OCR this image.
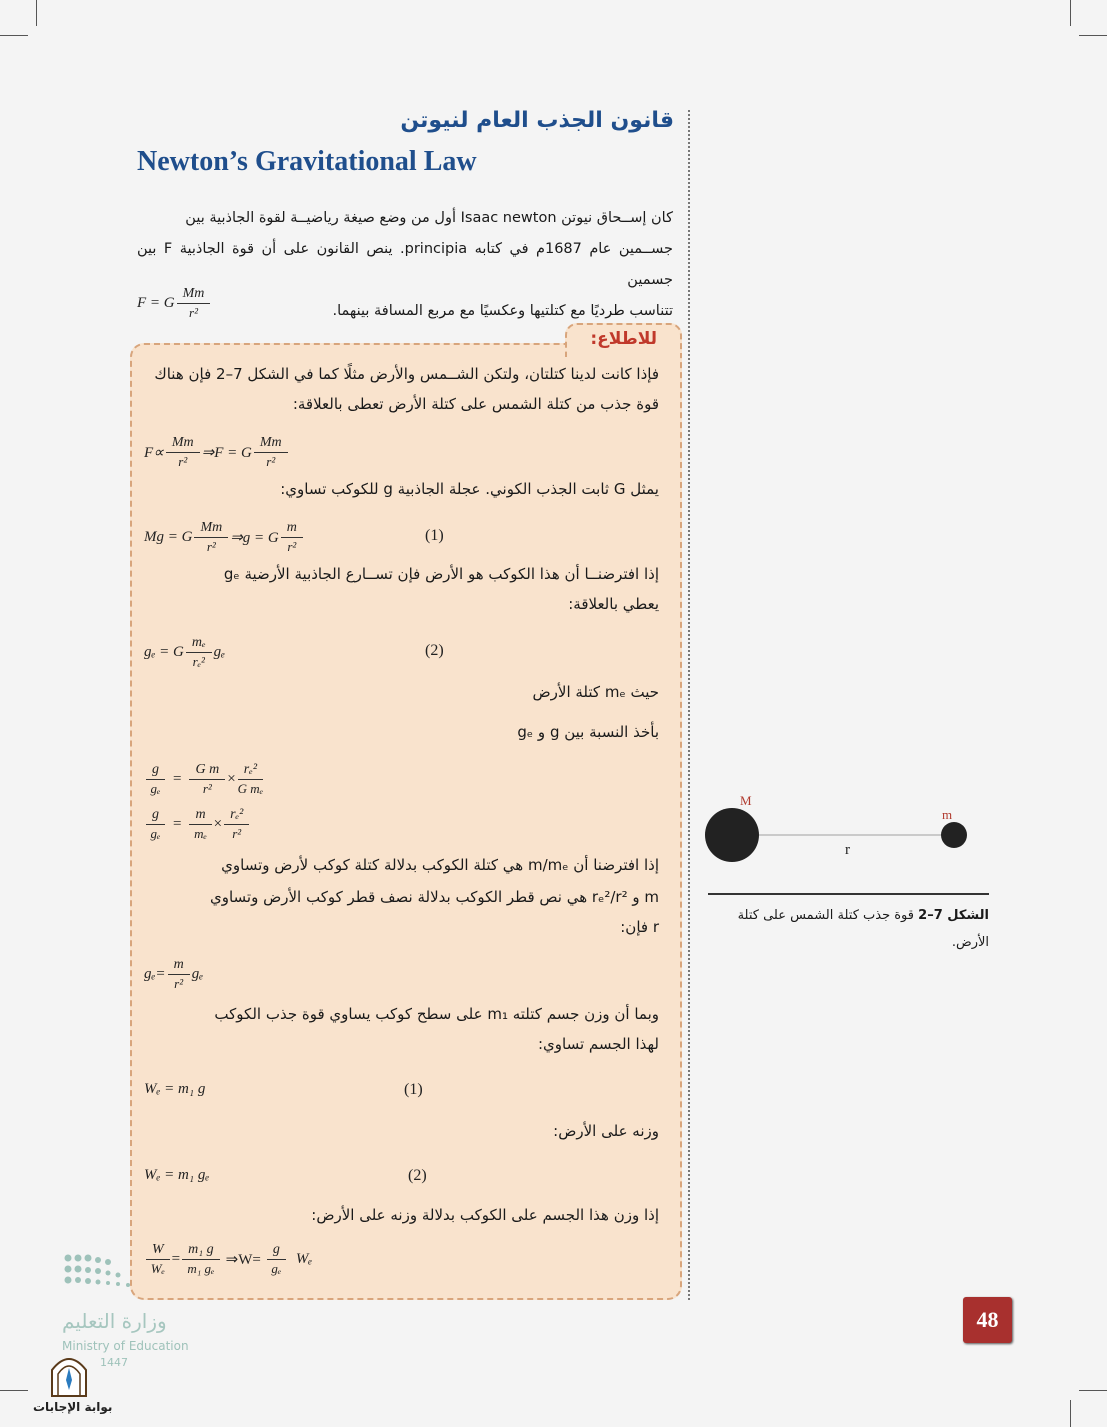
قانون الجذب العام لنيوتن
Newton’s Gravitational Law
كان إســحاق نيوتن Isaac newton أول من وضع صيغة رياضيــة لقوة الجاذبية بين
جســمين عام 1687م في كتابه principia. ينص القانون على أن قوة الجاذبية F بين جسمين
تتناسب طرديًا مع كتلتيها وعكسيًا مع مربع المسافة بينهما.
F = G $\frac{Mm}{\text{r²}}$
للاطلاع:
فإذا كانت لدينا كتلتان، ولتكن الشــمس والأرض مثلًا كما في الشكل 7–2 فإن هناك
قوة جذب من كتلة الشمس على كتلة الأرض تعطى بالعلاقة:
$F\propto \frac{Mm}{\text{r²}}$ ⇒F = G $\frac{Mm}{\text{r²}}$
يمثل G ثابت الجذب الكوني. عجلة الجاذبية g للكوكب تساوي:
Mg = G $\frac{Mm}{\text{r²}}$ ⇒g = G $\frac{m}{\text{r²}}$	(1)
إذا افترضنــا أن هذا الكوكب هو الأرض فإن تســارع الجاذبية الأرضية gₑ
يعطي بالعلاقة:
gₑ = G $\frac{\text{mₑ}}{\text{rₑ²}}$ gₑ	(2)
حيث mₑ كتلة الأرض
بأخذ النسبة بين g و gₑ
$\frac{g}{\text{gₑ}} = \frac{\text{G m}}{\text{r²}} \times \frac{\text{rₑ²}}{\text{G mₑ}}$
$\frac{g}{\text{gₑ}} = \frac{m}{\text{mₑ}} \times \frac{\text{rₑ²}}{\text{r²}}$
إذا افترضنا أن m/mₑ هي كتلة الكوكب بدلالة كتلة كوكب لأرض وتساوي
m و rₑ²/r² هي نص قطر الكوكب بدلالة نصف قطر كوكب الأرض وتساوي
r فإن:
$g_e= \frac{m}{\text{r²}}$ gₑ
وبما أن وزن جسم كتلته m₁ على سطح كوكب يساوي قوة جذب الكوكب
لهذا الجسم تساوي:
Wₑ = m₁ g	(1)
وزنه على الأرض:
Wₑ = m₁ gₑ	(2)
إذا وزن هذا الجسم على الكوكب بدلالة وزنه على الأرض:
$\frac{W}{\text{Wₑ}} = \frac{\text{m₁ g}}{\text{m₁ gₑ}}$ ⇒W= $\frac{g}{\text{gₑ}}$ Wₑ
M
m
r
الشكل 7–2 قوة جذب كتلة الشمس على كتلة الأرض.
48
وزارة التعليم
Ministry of Education
1447
بوابة الإجابات
